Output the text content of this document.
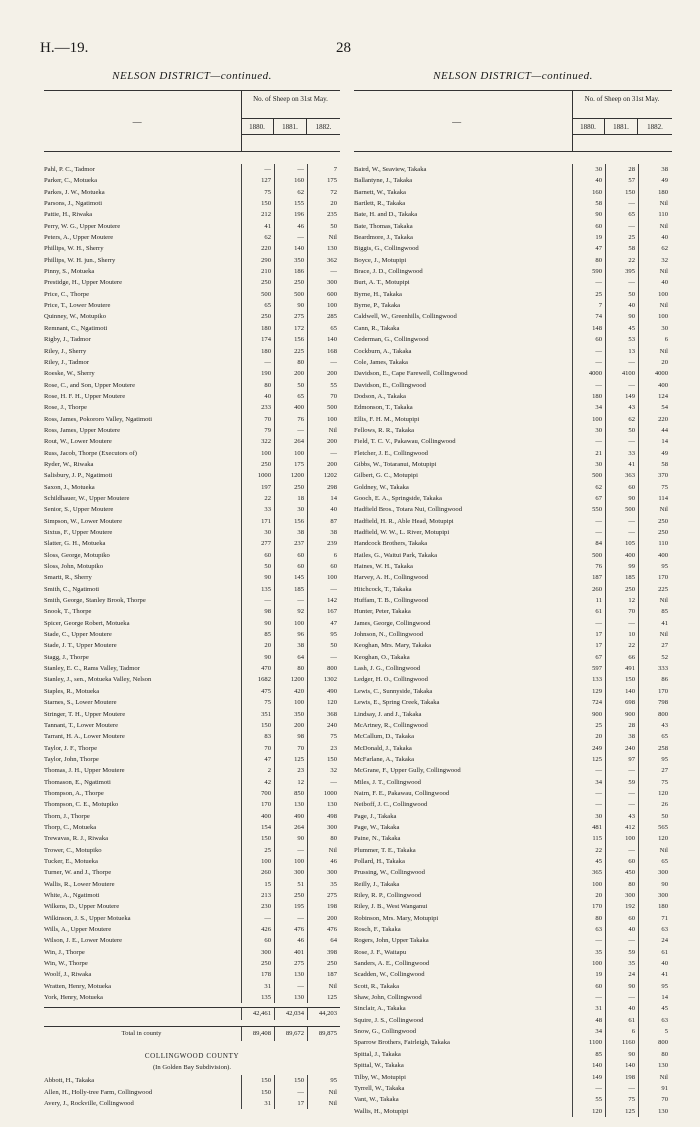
H.—19.	28
NELSON DISTRICT—continued.
—
No. of Sheep on 31st May.
1880.	1881.	1882.
Pahl, P. C., Tadmor	—	—	7
Parker, C., Motueka	127	160	175
Parkes, J. W., Motueka	75	62	72
Parsons, J., Ngatimoti	150	155	20
Pattie, H., Riwaka	212	196	235
Perry, W. G., Upper Moutere	41	46	50
Peters, A., Upper Moutere	62	—	Nil
Phillips, W. H., Sherry	220	140	130
Phillips, W. H. jun., Sherry	290	350	362
Pinny, S., Motueka	210	186	—
Prestidge, H., Upper Moutere	250	250	300
Price, C., Thorpe	500	500	600
Price, T., Lower Moutere	65	90	100
Quinney, W., Motupiko	250	275	285
Remnant, C., Ngatimoti	180	172	65
Rigby, J., Tadmor	174	156	140
Riley, J., Sherry	180	225	168
Riley, J., Tadmor	—	80	—
Roeske, W., Sherry	190	200	200
Rose, C., and Son, Upper Moutere	80	50	55
Rose, H. F. H., Upper Moutere	40	65	70
Rose, J., Thorpe	233	400	500
Ross, James, Pokororo Valley, Ngatimoti	70	76	100
Ross, James, Upper Moutere	79	—	Nil
Rout, W., Lower Moutere	322	264	200
Russ, Jacob, Thorpe (Executors of)	100	100	—
Ryder, W., Riwaka	250	175	200
Salisbury, J. P., Ngatimoti	1000	1200	1202
Saxon, J., Motueka	197	250	298
Schildhauer, W., Upper Moutere	22	18	14
Senior, S., Upper Moutere	33	30	40
Simpson, W., Lower Moutere	171	156	87
Sixtus, F., Upper Moutere	30	38	38
Slatter, G. H., Motueka	277	237	239
Sloss, George, Motupiko	60	60	6
Sloss, John, Motupiko	50	60	60
Smartt, R., Sherry	90	145	100
Smith, C., Ngatimoti	135	185	—
Smith, George, Stanley Brook, Thorpe	—	—	142
Snook, T., Thorpe	98	92	167
Spicer, George Robert, Motueka	90	100	47
Stade, C., Upper Moutere	85	96	95
Stade, J. T., Upper Moutere	20	38	50
Stagg, J., Thorpe	90	64	—
Stanley, E. C., Rams Valley, Tadmor	470	80	800
Stanley, J., sen., Motueka Valley, Nelson	1682	1200	1302
Staples, R., Motueka	475	420	490
Starnes, S., Lower Moutere	75	100	120
Stringer, T. H., Upper Moutere	351	350	368
Tannant, T., Lower Moutere	150	200	240
Tarrant, H. A., Lower Moutere	83	98	75
Taylor, J. F., Thorpe	70	70	23
Taylor, John, Thorpe	47	125	150
Thomas, J. H., Upper Moutere	2	23	32
Thomason, E., Ngatimoti	42	12	—
Thompson, A., Thorpe	700	850	1000
Thompson, C. E., Motupiko	170	130	130
Thorn, J., Thorpe	400	490	498
Thorp, C., Motueka	154	264	300
Trewavas, R. J., Riwaka	150	90	80
Trower, C., Motupiko	25	—	Nil
Tucker, E., Motueka	100	100	46
Turner, W. and J., Thorpe	260	300	300
Wallis, R., Lower Moutere	15	51	35
White, A., Ngatimoti	213	250	275
Wilkens, D., Upper Moutere	230	195	198
Wilkinson, J. S., Upper Motueka	—	—	200
Wills, A., Upper Moutere	426	476	476
Wilson, J. E., Lower Moutere	60	46	64
Win, J., Thorpe	300	401	398
Win, W., Thorpe	250	275	250
Woolf, J., Riwaka	178	130	187
Wratten, Henry, Motueka	31	—	Nil
York, Henry, Motueka	135	130	125
42,461	42,034	44,203
Total in county	89,408	89,672	89,875
COLLINGWOOD COUNTY
(In Golden Bay Subdivision).
Abbott, H., Takaka	150	150	95
Allen, H., Holly-tree Farm, Collingwood	150	—	Nil
Avery, J., Rockville, Collingwood	31	17	Nil
NELSON DISTRICT—continued.
—
No. of Sheep on 31st May.
1880.	1881.	1882.
Baird, W., Seaview, Takaka	30	28	38
Ballantyne, J., Takaka	40	57	49
Barnett, W., Takaka	160	150	180
Bartlett, R., Takaka	58	—	Nil
Bate, H. and D., Takaka	90	65	110
Bate, Thomas, Takaka	60	—	Nil
Beardmore, J., Takaka	19	25	40
Biggis, G., Collingwood	47	58	62
Boyce, J., Motupipi	80	22	32
Brace, J. D., Collingwood	590	395	Nil
Burt, A. T., Motupipi	—	—	40
Byrne, H., Takaka	25	50	100
Byrne, P., Takaka	7	40	Nil
Caldwell, W., Greenhills, Collingwood	74	90	100
Cann, R., Takaka	148	45	30
Cederman, G., Collingwood	60	53	6
Cockburn, A., Takaka	—	13	Nil
Cole, James, Takaka	—	—	20
Davidson, E., Cape Farewell, Collingwood	4000	4100	4000
Davidson, E., Collingwood	—	—	400
Dodson, A., Takaka	180	149	124
Edmonson, T., Takaka	34	43	54
Ellis, F. H. M., Motupipi	100	62	220
Fellows, R. R., Takaka	30	50	44
Field, T. C. V., Pakawau, Collingwood	—	—	14
Fletcher, J. E., Collingwood	21	33	49
Gibbs, W., Totaranui, Motupipi	30	41	58
Gilbert, G. C., Motupipi	500	363	370
Goldney, W., Takaka	62	60	75
Gooch, E. A., Springside, Takaka	67	90	114
Hadfield Bros., Totara Nui, Collingwood	550	500	Nil
Hadfield, H. R., Able Head, Motupipi	—	—	250
Hadfield, W. W., L. River, Motupipi	—	—	250
Handcock Brothers, Takaka	84	105	110
Hailes, G., Waitui Park, Takaka	500	400	400
Haines, W. H., Takaka	76	99	95
Harvey, A. H., Collingwood	187	185	170
Hitchcock, T., Takaka	260	250	225
Huffam, T. B., Collingwood	11	12	Nil
Hunter, Peter, Takaka	61	70	85
James, George, Collingwood	—	—	41
Johnson, N., Collingwood	17	10	Nil
Keoghan, Mrs. Mary, Takaka	17	22	27
Keoghan, O., Takaka	67	66	52
Lash, J. G., Collingwood	597	491	333
Ledger, H. O., Collingwood	133	150	86
Lewis, C., Sunnyside, Takaka	129	140	170
Lewis, E., Spring Creek, Takaka	724	698	798
Lindsay, J. and J., Takaka	900	900	800
McArtney, R., Collingwood	25	28	43
McCallum, D., Takaka	20	38	65
McDonald, J., Takaka	249	240	258
McFarlane, A., Takaka	125	97	95
McGrane, F., Upper Gully, Collingwood	—	—	27
Miles, J. T., Collingwood	34	59	75
Nairn, F. E., Pakawau, Collingwood	—	—	120
Neiboff, J. C., Collingwood	—	—	26
Page, J., Takaka	30	43	50
Page, W., Takaka	481	412	565
Paine, N., Takaka	115	100	120
Plummer, T. E., Takaka	22	—	Nil
Pollard, H., Takaka	45	60	65
Prussing, W., Collingwood	365	450	300
Reilly, J., Takaka	100	80	90
Riley, R. P., Collingwood	20	300	300
Riley, J. B., West Wanganui	170	192	180
Robinson, Mrs. Mary, Motupipi	80	60	71
Rosch, F., Takaka	63	40	63
Rogers, John, Upper Takaka	—	—	24
Rose, J. F., Waitapu	35	59	61
Sanders, A. E., Collingwood	100	35	40
Scadden, W., Collingwood	19	24	41
Scott, R., Takaka	60	90	95
Shaw, John, Collingwood	—	—	14
Sinclair, A., Takaka	31	40	45
Squire, J. S., Collingwood	48	61	63
Snow, G., Collingwood	34	6	5
Sparrow Brothers, Fairleigh, Takaka	1100	1160	800
Spittal, J., Takaka	85	90	80
Spittal, W., Takaka	140	140	130
Tilby, W., Motupipi	149	198	Nil
Tyrrell, W., Takaka	—	—	91
Vant, W., Takaka	55	75	70
Wallis, H., Motupipi	120	125	130
